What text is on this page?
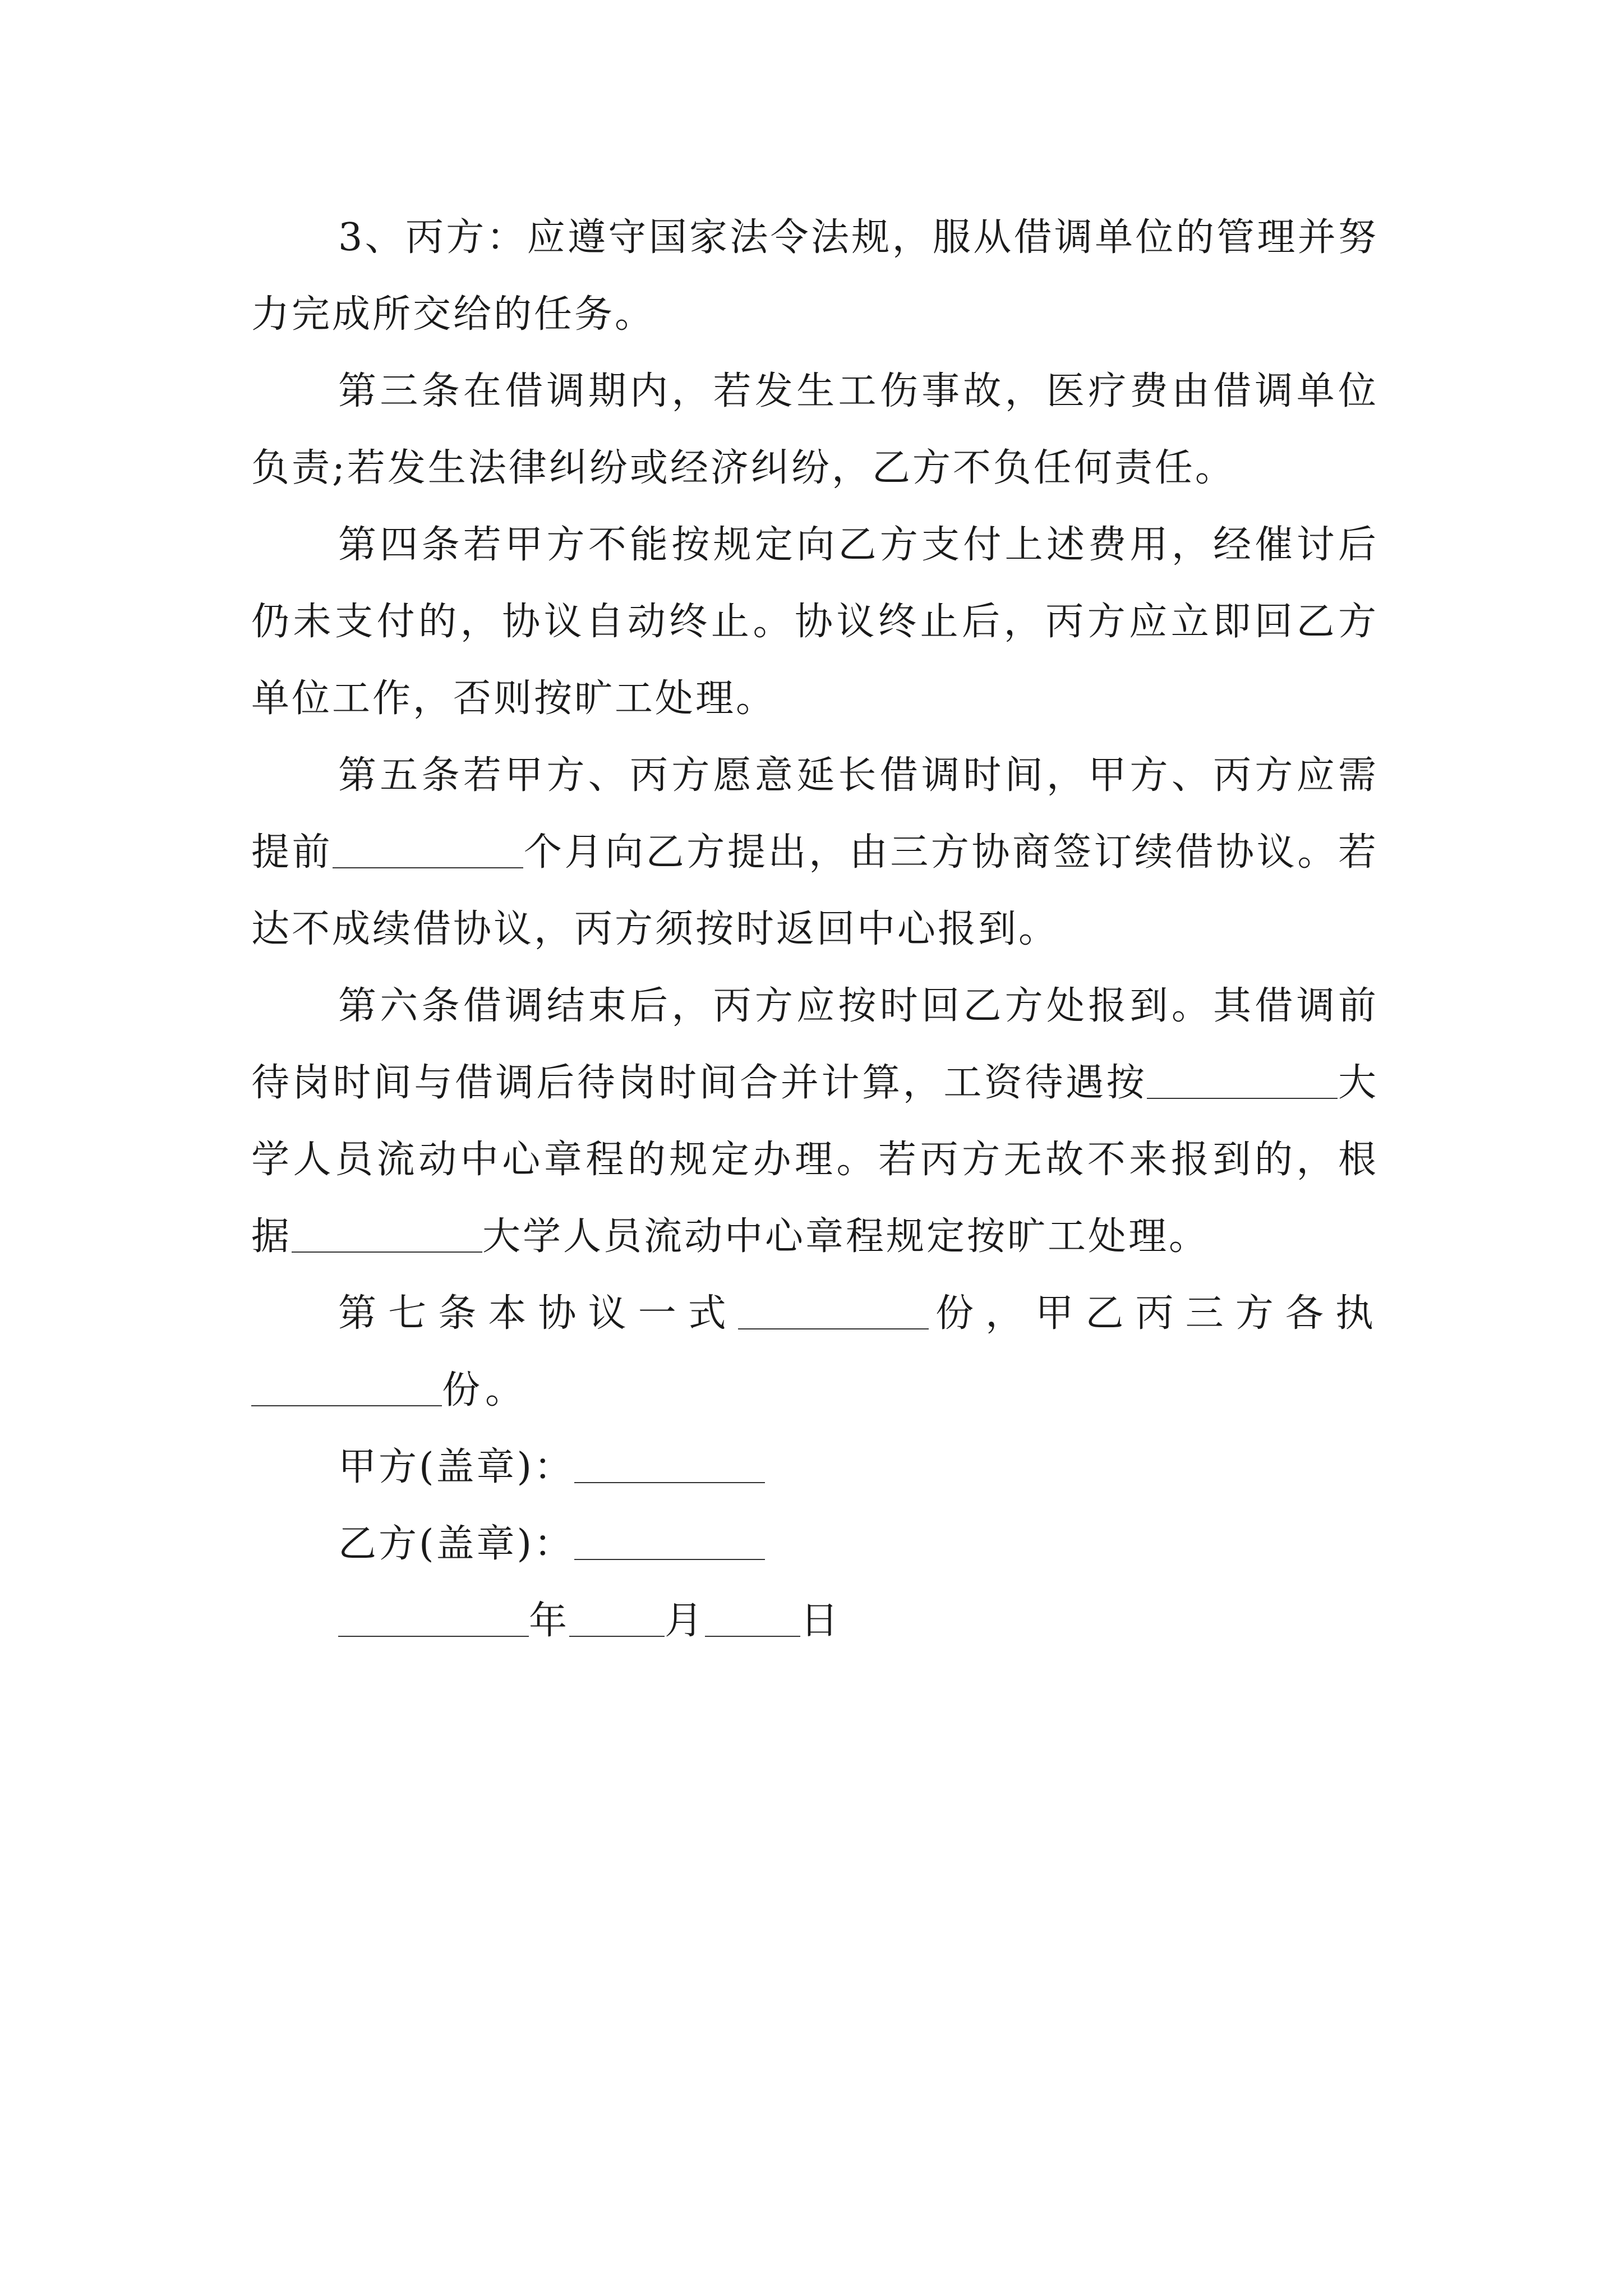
3、丙方：应遵守国家法令法规，服从借调单位的管理并努力完成所交给的任务。

第三条在借调期内，若发生工伤事故，医疗费由借调单位负责;若发生法律纠纷或经济纠纷，乙方不负任何责任。

第四条若甲方不能按规定向乙方支付上述费用，经催讨后仍未支付的，协议自动终止。协议终止后，丙方应立即回乙方单位工作，否则按旷工处理。

第五条若甲方、丙方愿意延长借调时间，甲方、丙方应需提前	个月向乙方提出，由三方协商签订续借协议。若达不成续借协议，丙方须按时返回中心报到。

第六条借调结束后，丙方应按时回乙方处报到。其借调前待岗时间与借调后待岗时间合并计算，工资待遇按	大学人员流动中心章程的规定办理。若丙方无故不来报到的，根据	大学人员流动中心章程规定按旷工处理。

第七条本协议一式	份，甲乙丙三方各执份。

甲方(盖章)：

乙方(盖章)：

年	月	日
